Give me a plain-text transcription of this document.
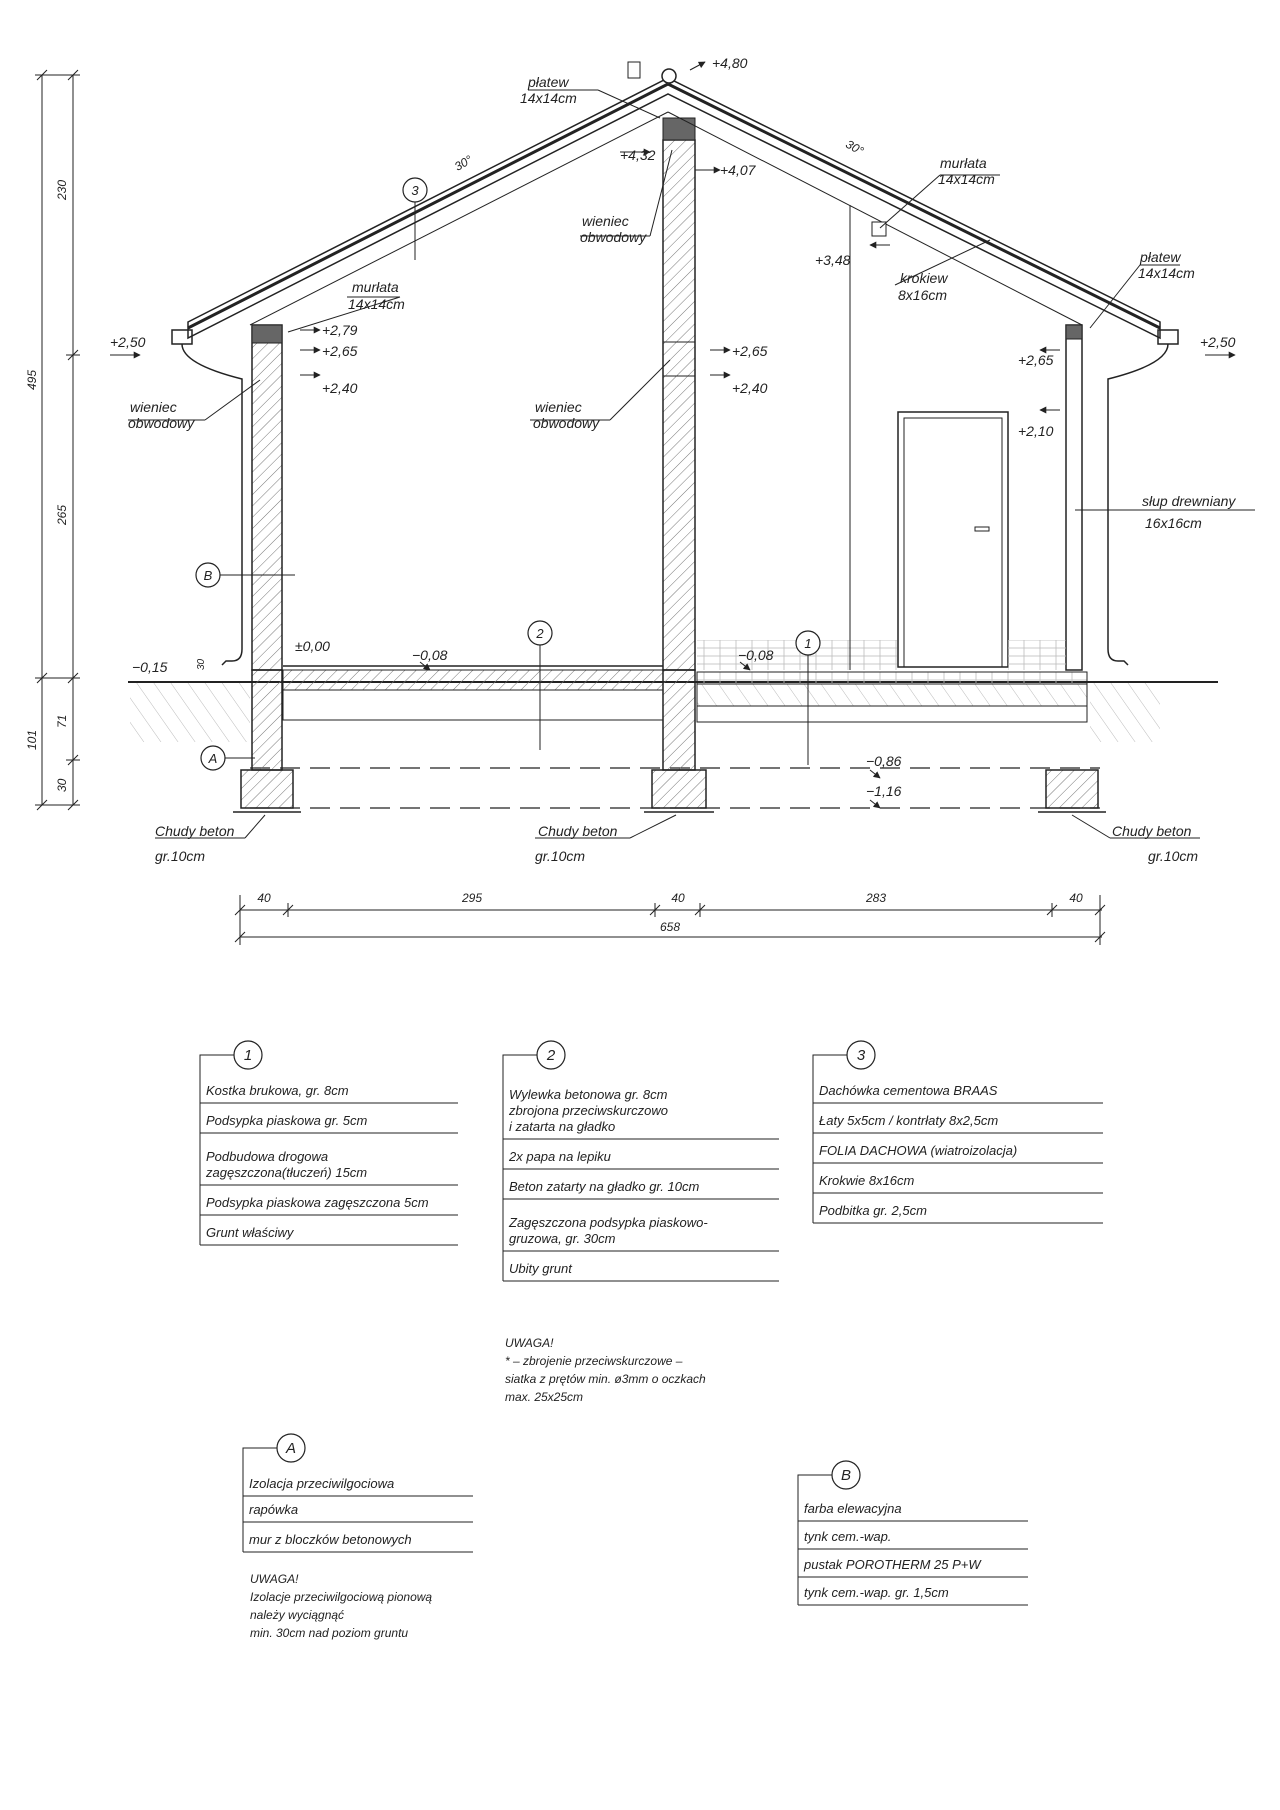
230
265
495
71
30
101
3
B
2
1
A
+4,80
+4,32
+4,07
+3,48
+2,79
+2,65
+2,40
+2,65
+2,40
+2,65
+2,10
+2,50	+2,50
±0,00
−0,08	−0,08
−0,15	30
−0,86
−1,16
30°
30°
płatew
14x14cm
murłata
14x14cm
wieniec
obwodowy
płatew
14x14cm
krokiew
8x16cm
murłata
14x14cm
wieniec
obwodowy
wieniec
obwodowy
słup drewniany
16x16cm
Chudy beton
gr.10cm
Chudy beton
gr.10cm
Chudy beton
gr.10cm
40	295	40	283	40
658
1
Kostka brukowa, gr. 8cm
Podsypka piaskowa gr. 5cm
Podbudowa drogowa
zagęszczona(tłuczeń) 15cm
Podsypka piaskowa zagęszczona 5cm
Grunt właściwy
2
Wylewka betonowa gr. 8cm
zbrojona przeciwskurczowo
i zatarta na gładko
2x papa na lepiku
Beton zatarty na gładko gr. 10cm
Zagęszczona podsypka piaskowo-
gruzowa, gr. 30cm
Ubity grunt
3
Dachówka cementowa BRAAS
Łaty 5x5cm / kontrłaty 8x2,5cm
FOLIA DACHOWA (wiatroizolacja)
Krokwie 8x16cm
Podbitka gr. 2,5cm
A
Izolacja przeciwilgociowa
rapówka
mur z bloczków betonowych
B
farba elewacyjna
tynk cem.-wap.
pustak POROTHERM 25 P+W
tynk cem.-wap. gr. 1,5cm
UWAGA!
* – zbrojenie przeciwskurczowe –
siatka z prętów min. ø3mm o oczkach
max. 25x25cm
UWAGA!
Izolacje przeciwilgociową pionową
należy wyciągnąć
min. 30cm nad poziom gruntu
